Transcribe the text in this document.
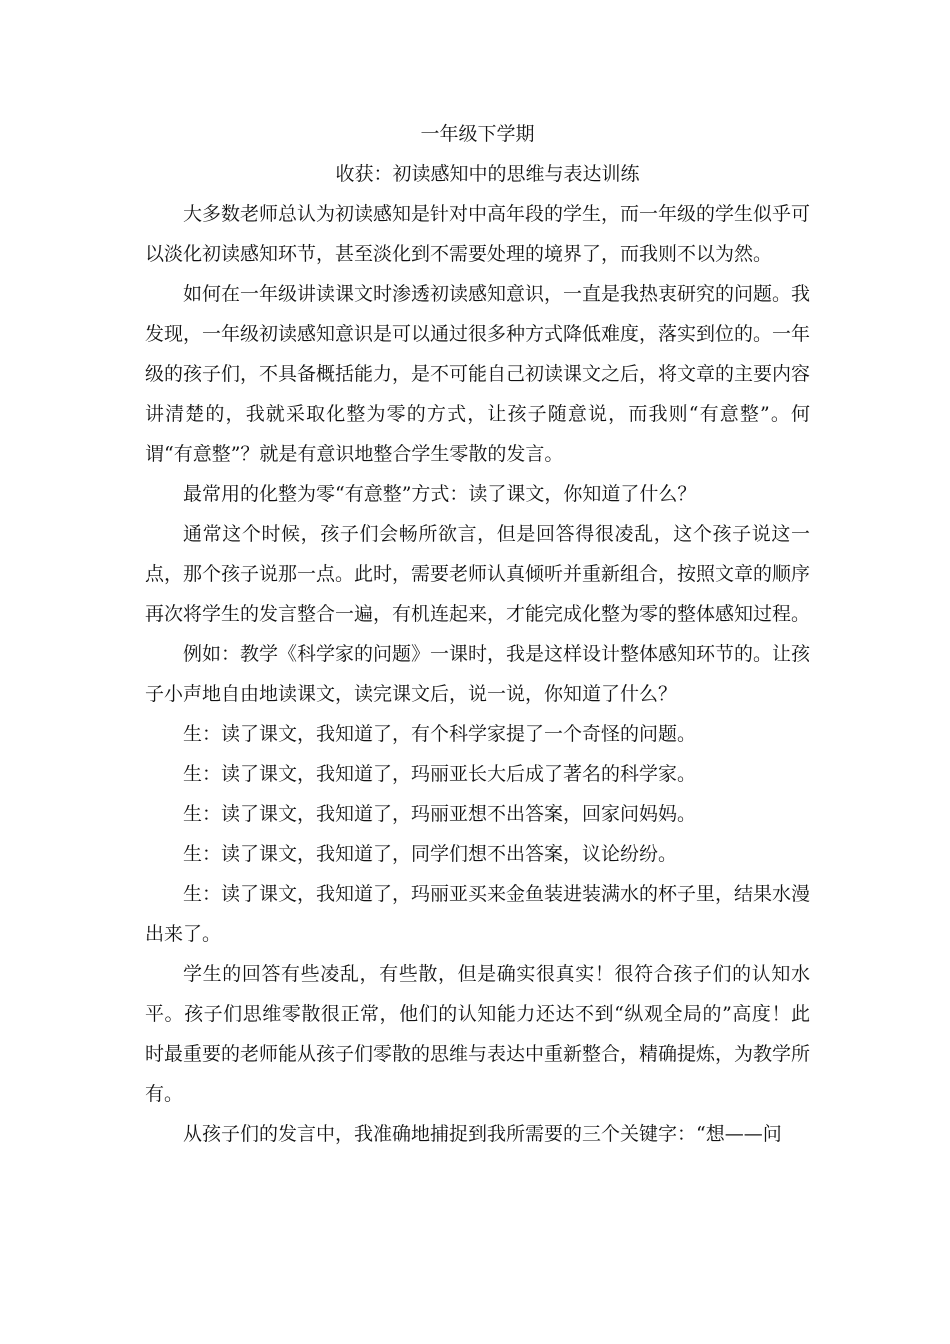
一年级下学期
收获：初读感知中的思维与表达训练

大多数老师总认为初读感知是针对中高年段的学生，而一年级的学生似乎可以淡化初读感知环节，甚至淡化到不需要处理的境界了，而我则不以为然。

如何在一年级讲读课文时渗透初读感知意识，一直是我热衷研究的问题。我发现，一年级初读感知意识是可以通过很多种方式降低难度，落实到位的。一年级的孩子们，不具备概括能力，是不可能自己初读课文之后，将文章的主要内容讲清楚的，我就采取化整为零的方式，让孩子随意说，而我则“有意整”。何谓“有意整”？就是有意识地整合学生零散的发言。

最常用的化整为零“有意整”方式：读了课文，你知道了什么？

通常这个时候，孩子们会畅所欲言，但是回答得很凌乱，这个孩子说这一点，那个孩子说那一点。此时，需要老师认真倾听并重新组合，按照文章的顺序再次将学生的发言整合一遍，有机连起来，才能完成化整为零的整体感知过程。

例如：教学《科学家的问题》一课时，我是这样设计整体感知环节的。让孩子小声地自由地读课文，读完课文后，说一说，你知道了什么？

生：读了课文，我知道了，有个科学家提了一个奇怪的问题。

生：读了课文，我知道了，玛丽亚长大后成了著名的科学家。

生：读了课文，我知道了，玛丽亚想不出答案，回家问妈妈。

生：读了课文，我知道了，同学们想不出答案，议论纷纷。

生：读了课文，我知道了，玛丽亚买来金鱼装进装满水的杯子里，结果水漫出来了。

学生的回答有些凌乱，有些散，但是确实很真实！很符合孩子们的认知水平。孩子们思维零散很正常，他们的认知能力还达不到“纵观全局的”高度！此时最重要的老师能从孩子们零散的思维与表达中重新整合，精确提炼，为教学所有。

从孩子们的发言中，我准确地捕捉到我所需要的三个关键字：“想——问
